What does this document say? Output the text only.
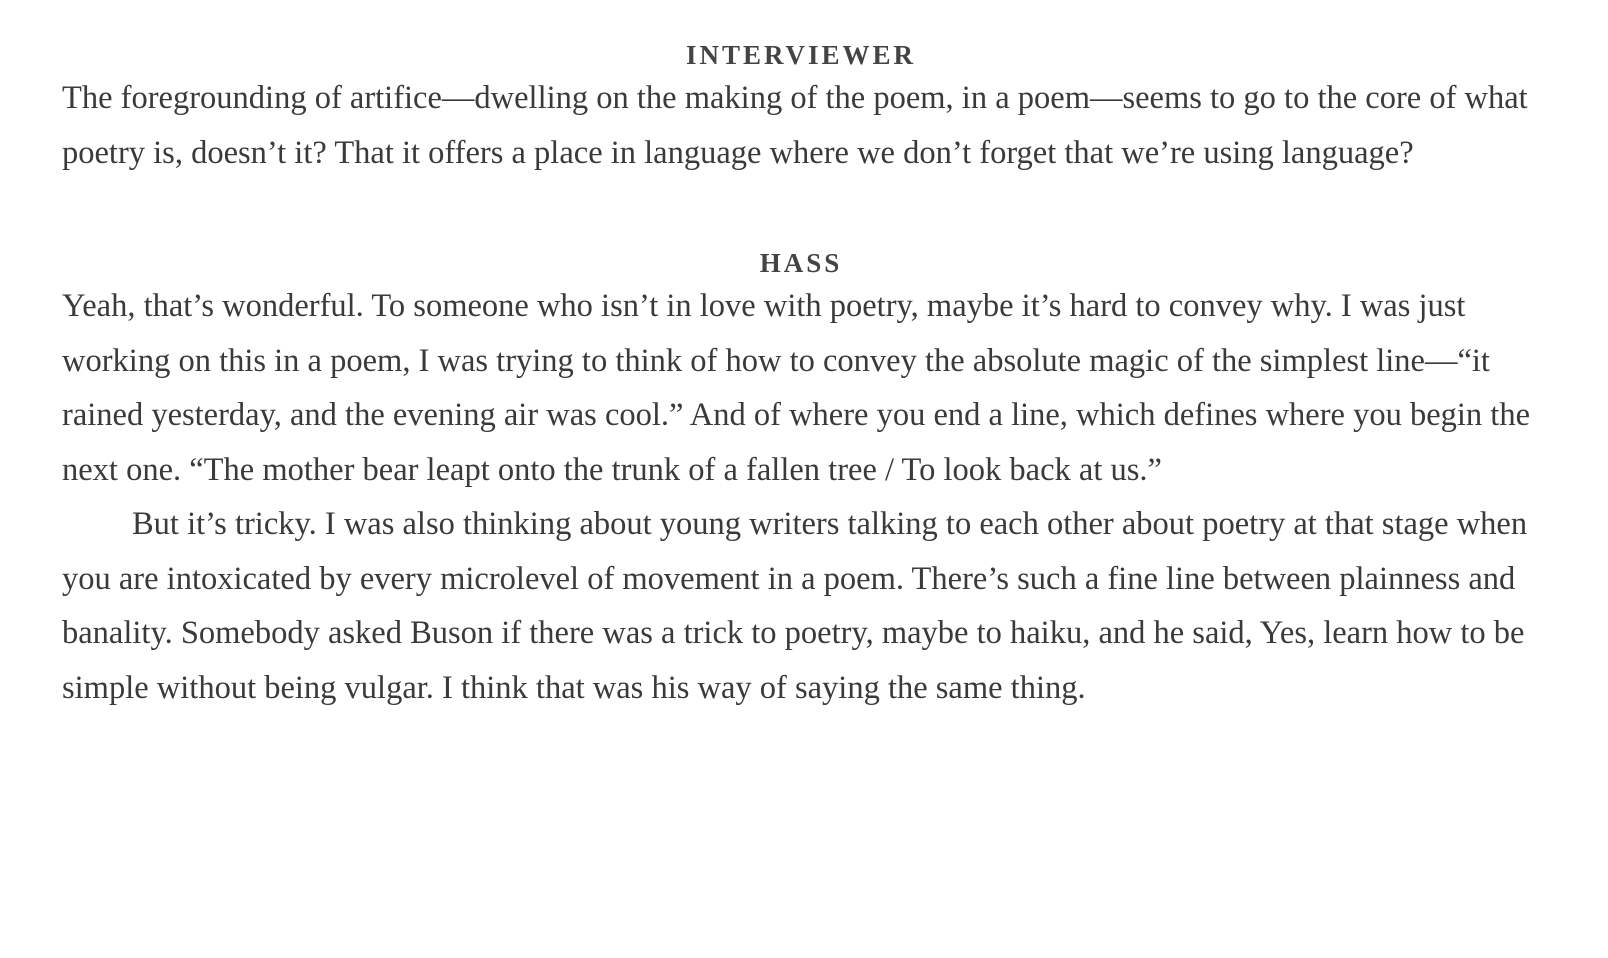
INTERVIEWER

The foregrounding of artifice—dwelling on the making of the poem, in a poem—seems to go to the core of what poetry is, doesn’t it? That it offers a place in language where we don’t forget that we’re using language?

HASS

Yeah, that’s wonderful. To someone who isn’t in love with poetry, maybe it’s hard to convey why. I was just working on this in a poem, I was trying to think of how to convey the absolute magic of the simplest line—“it rained yesterday, and the evening air was cool.” And of where you end a line, which defines where you begin the next one. “The mother bear leapt onto the trunk of a fallen tree / To look back at us.”

But it’s tricky. I was also thinking about young writers talking to each other about poetry at that stage when you are intoxicated by every microlevel of movement in a poem. There’s such a fine line between plainness and banality. Somebody asked Buson if there was a trick to poetry, maybe to haiku, and he said, Yes, learn how to be simple without being vulgar. I think that was his way of saying the same thing.
